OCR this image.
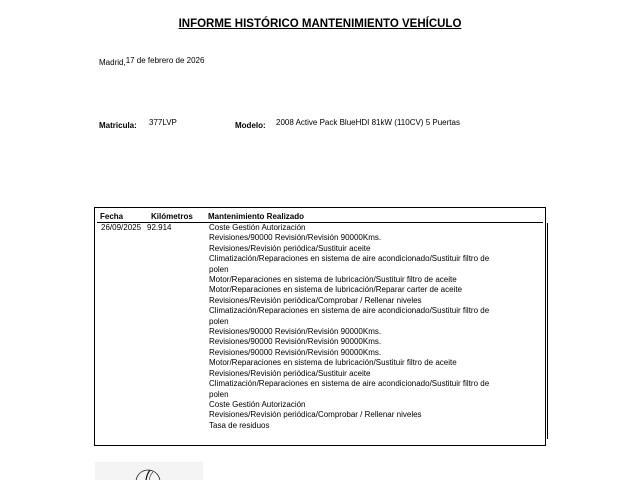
INFORME HISTÓRICO MANTENIMIENTO VEHÍCULO
Madrid,17 de febrero de 2026
Matricula: 377LVP	Modelo: 2008 Active Pack BlueHDI 81kW (110CV) 5 Puertas
Fecha	Kilómetros Mantenimiento Realizado
26/09/2025 92.914	Coste Gestión Autorización
Revisiones/90000 Revisión/Revisión 90000Kms.
Revisiones/Revisión periódica/Sustituir aceite
Climatización/Reparaciones en sistema de aire acondicionado/Sustituir filtro de
polen
Motor/Reparaciones en sistema de lubricación/Sustituir filtro de aceite
Motor/Reparaciones en sistema de lubricación/Reparar carter de aceite
Revisiones/Revisión periódica/Comprobar / Rellenar niveles
Climatización/Reparaciones en sistema de aire acondicionado/Sustituir filtro de
polen
Revisiones/90000 Revisión/Revisión 90000Kms.
Revisiones/90000 Revisión/Revisión 90000Kms.
Revisiones/90000 Revisión/Revisión 90000Kms.
Motor/Reparaciones en sistema de lubricación/Sustituir filtro de aceite
Revisiones/Revisión periódica/Sustituir aceite
Climatización/Reparaciones en sistema de aire acondicionado/Sustituir filtro de
polen
Coste Gestión Autorización
Revisiones/Revisión periódica/Comprobar / Rellenar niveles
Tasa de residuos
